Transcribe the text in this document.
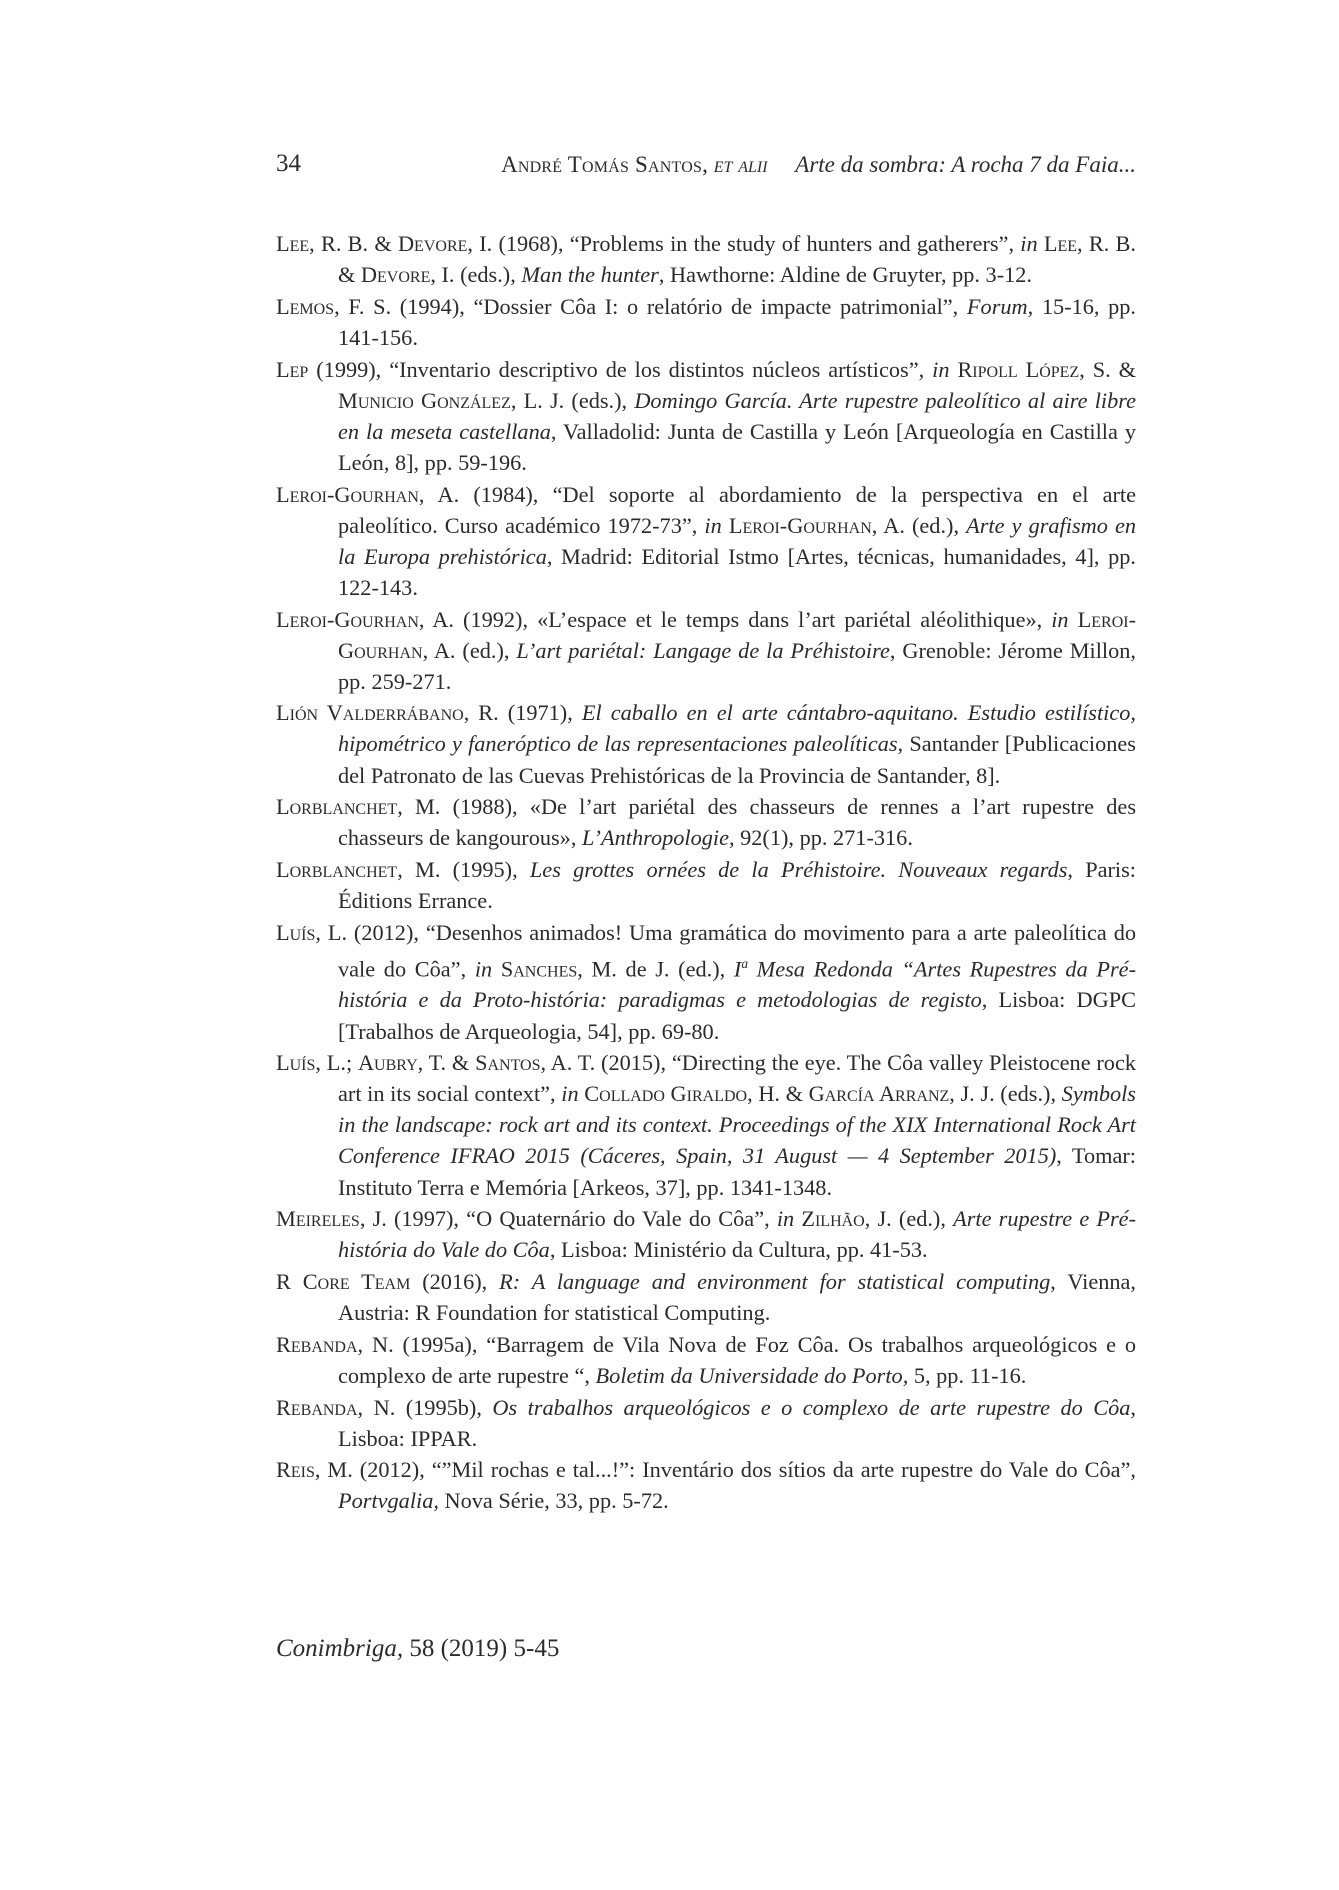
34	André Tomás Santos, et alii Arte da sombra: A rocha 7 da Faia...

Lee, R. B. & Devore, I. (1968), “Problems in the study of hunters and gatherers”, in Lee, R. B. & Devore, I. (eds.), Man the hunter, Hawthorne: Aldine de Gruyter, pp. 3-12.

Lemos, F. S. (1994), “Dossier Côa I: o relatório de impacte patrimonial”, Forum, 15-16, pp. 141-156.

Lep (1999), “Inventario descriptivo de los distintos núcleos artísticos”, in Ripoll López, S. & Municio González, L. J. (eds.), Domingo García. Arte rupestre paleolítico al aire libre en la meseta castellana, Valladolid: Junta de Castilla y León [Arqueología en Castilla y León, 8], pp. 59-196.

Leroi-Gourhan, A. (1984), “Del soporte al abordamiento de la perspectiva en el arte paleolítico. Curso académico 1972-73”, in Leroi-Gourhan, A. (ed.), Arte y grafismo en la Europa prehistórica, Madrid: Editorial Istmo [Artes, técnicas, humanidades, 4], pp. 122-143.

Leroi-Gourhan, A. (1992), «L’espace et le temps dans l’art pariétal aléolithique», in Leroi-Gourhan, A. (ed.), L’art pariétal: Langage de la Préhistoire, Grenoble: Jérome Millon, pp. 259-271.

Lión Valderrábano, R. (1971), El caballo en el arte cántabro-aquitano. Estudio estilístico, hipométrico y faneróptico de las representaciones paleolíticas, Santander [Publicaciones del Patronato de las Cuevas Prehistóricas de la Provincia de Santander, 8].

Lorblanchet, M. (1988), «De l’art pariétal des chasseurs de rennes a l’art rupestre des chasseurs de kangourous», L’Anthropologie, 92(1), pp. 271-316.

Lorblanchet, M. (1995), Les grottes ornées de la Préhistoire. Nouveaux regards, Paris: Éditions Errance.

Luís, L. (2012), “Desenhos animados! Uma gramática do movimento para a arte paleolítica do vale do Côa”, in Sanches, M. de J. (ed.), $I^a$ Mesa Redonda “Artes Rupestres da Pré-história e da Proto-história: paradigmas e metodologias de registo, Lisboa: DGPC [Trabalhos de Arqueologia, 54], pp. 69-80.

Luís, L.; Aubry, T. & Santos, A. T. (2015), “Directing the eye. The Côa valley Pleistocene rock art in its social context”, in Collado Giraldo, H. & García Arranz, J. J. (eds.), Symbols in the landscape: rock art and its context. Proceedings of the XIX International Rock Art Conference IFRAO 2015 (Cáceres, Spain, 31 August — 4 September 2015), Tomar: Instituto Terra e Memória [Arkeos, 37], pp. 1341-1348.

Meireles, J. (1997), “O Quaternário do Vale do Côa”, in Zilhão, J. (ed.), Arte rupestre e Pré-história do Vale do Côa, Lisboa: Ministério da Cultura, pp. 41-53.

R Core Team (2016), R: A language and environment for statistical computing, Vienna, Austria: R Foundation for statistical Computing.

Rebanda, N. (1995a), “Barragem de Vila Nova de Foz Côa. Os trabalhos arqueológicos e o complexo de arte rupestre “, Boletim da Universidade do Porto, 5, pp. 11-16.

Rebanda, N. (1995b), Os trabalhos arqueológicos e o complexo de arte rupestre do Côa, Lisboa: IPPAR.

Reis, M. (2012), “”Mil rochas e tal...!”: Inventário dos sítios da arte rupestre do Vale do Côa”, Portvgalia, Nova Série, 33, pp. 5-72.

Conimbriga, 58 (2019) 5-45
